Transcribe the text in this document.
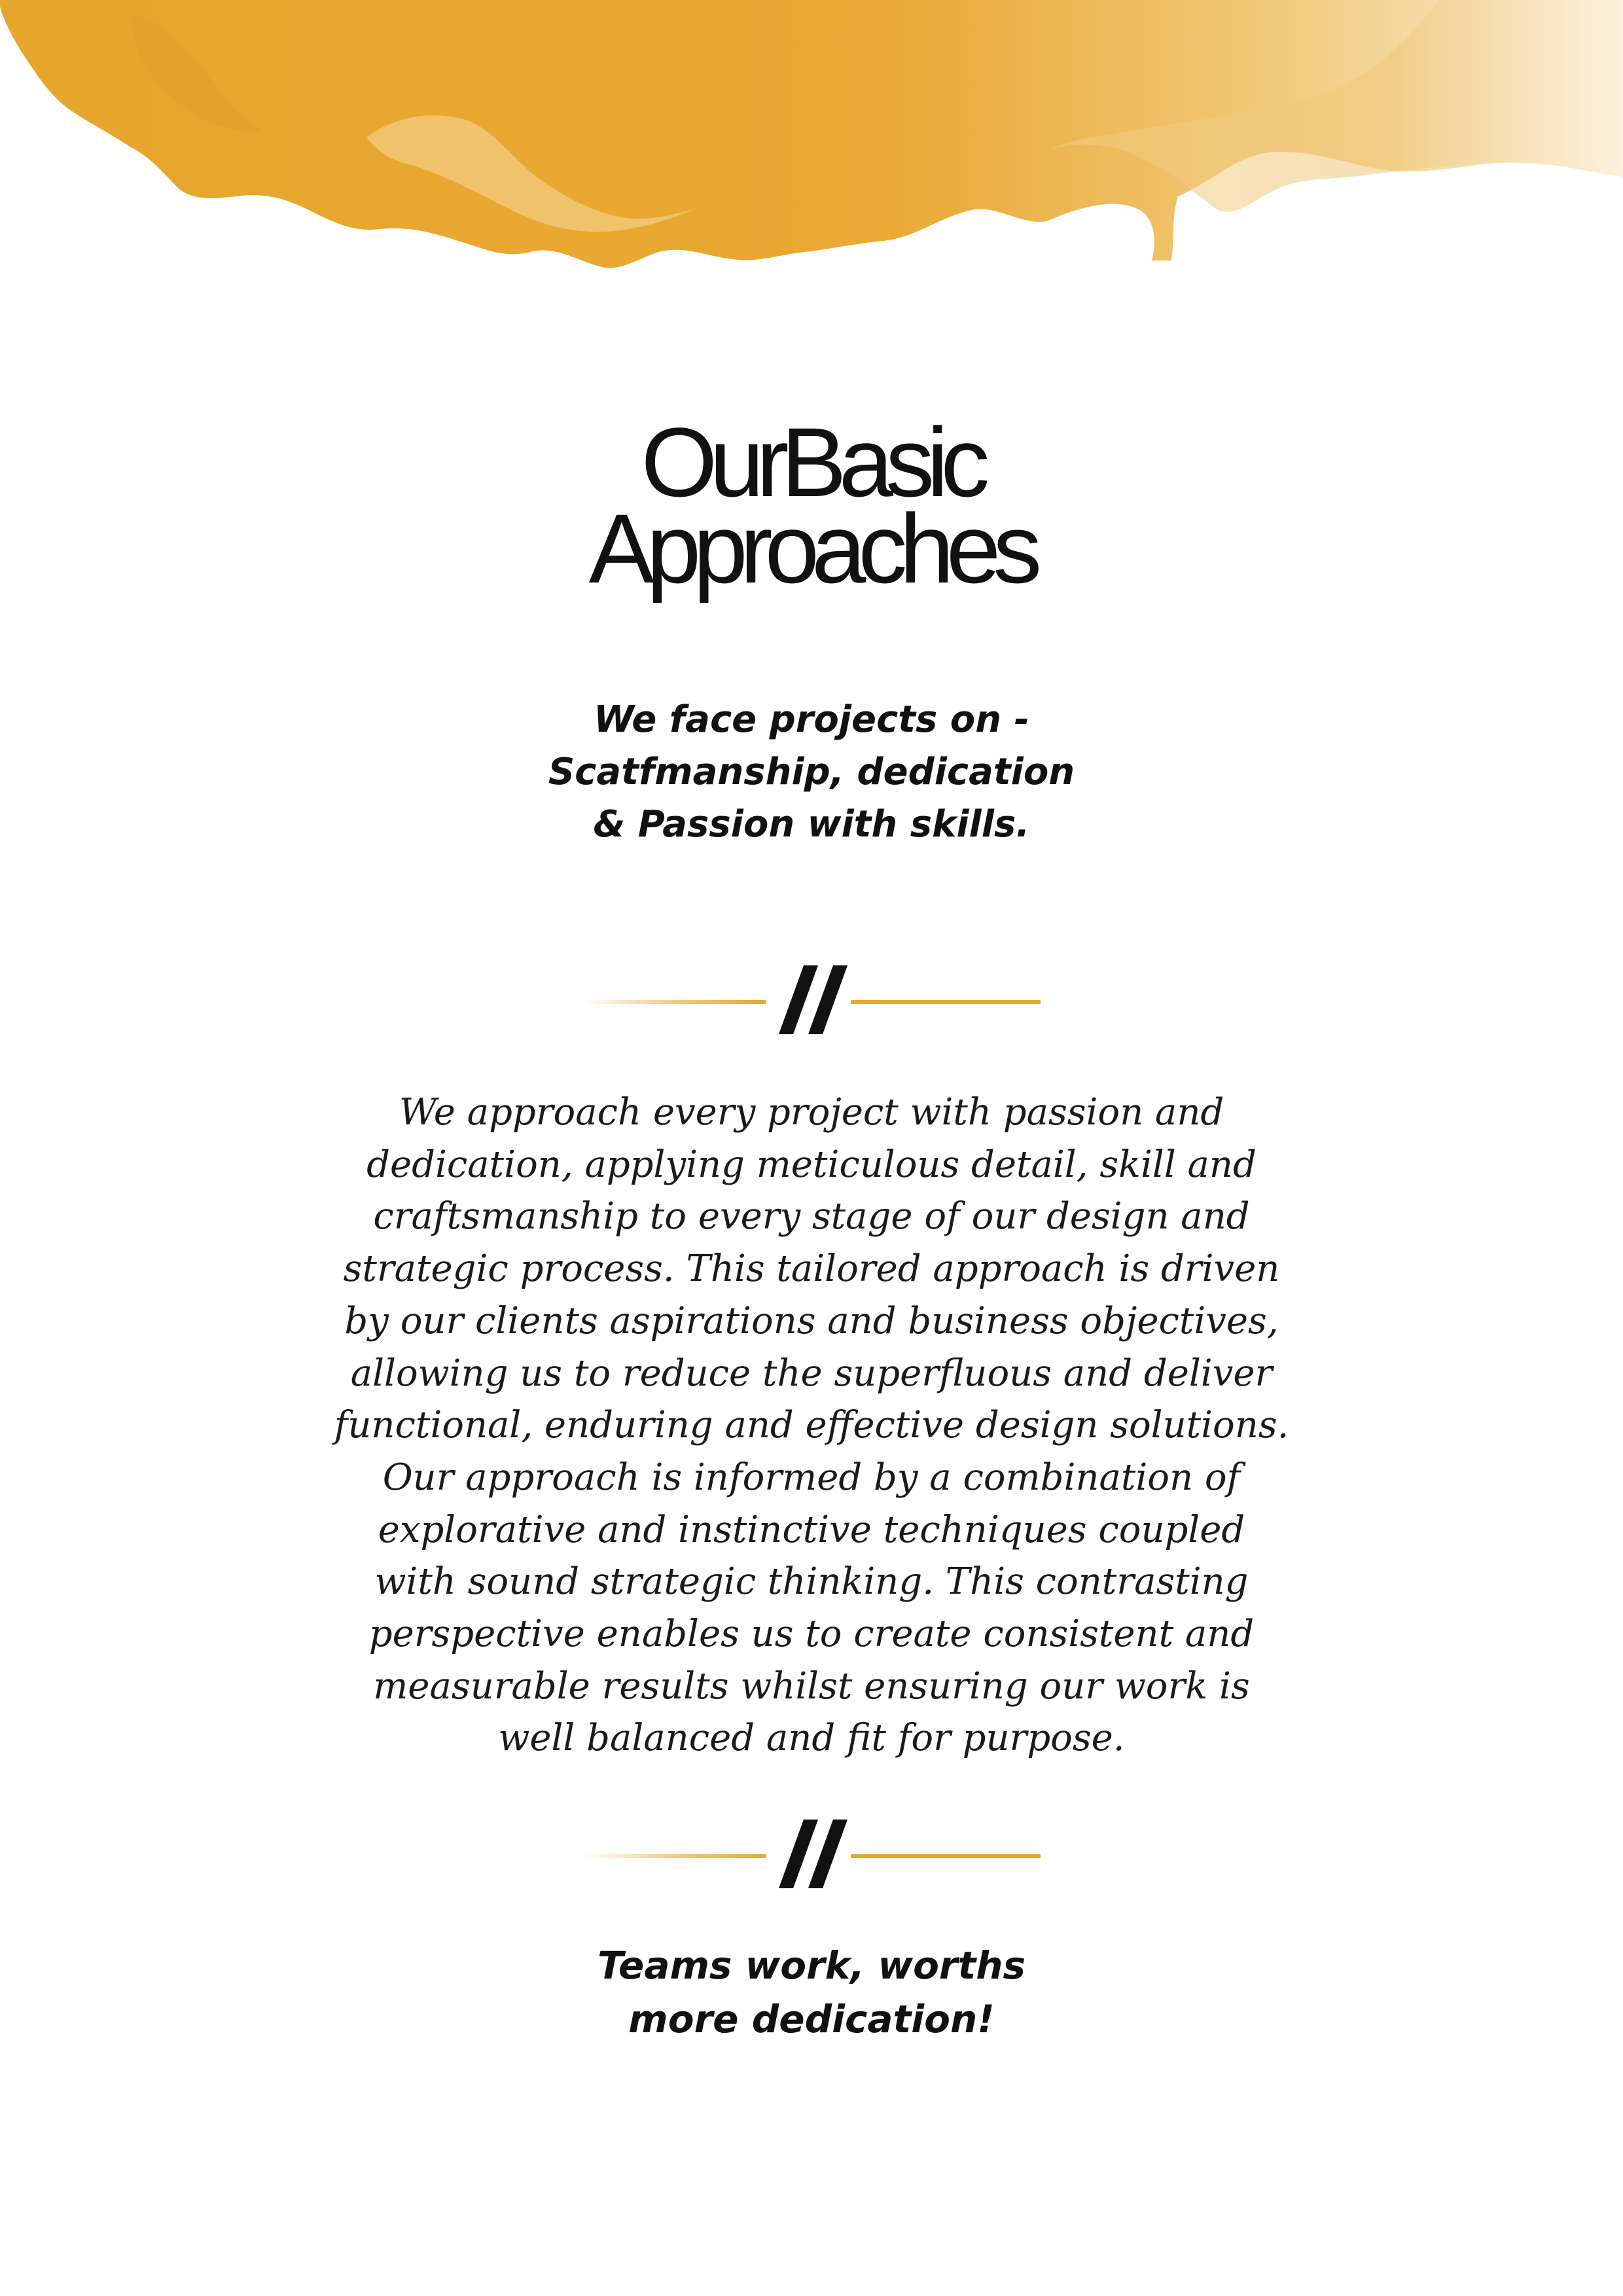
OurBasic
Approaches
We face projects on -
Scatfmanship, dedication
& Passion with skills.
We approach every project with passion and
dedication, applying meticulous detail, skill and
craftsmanship to every stage of our design and
strategic process. This tailored approach is driven
by our clients aspirations and business objectives,
allowing us to reduce the superfluous and deliver
functional, enduring and effective design solutions.
Our approach is informed by a combination of
explorative and instinctive techniques coupled
with sound strategic thinking. This contrasting
perspective enables us to create consistent and
measurable results whilst ensuring our work is
well balanced and fit for purpose.
Teams work, worths
more dedication!
